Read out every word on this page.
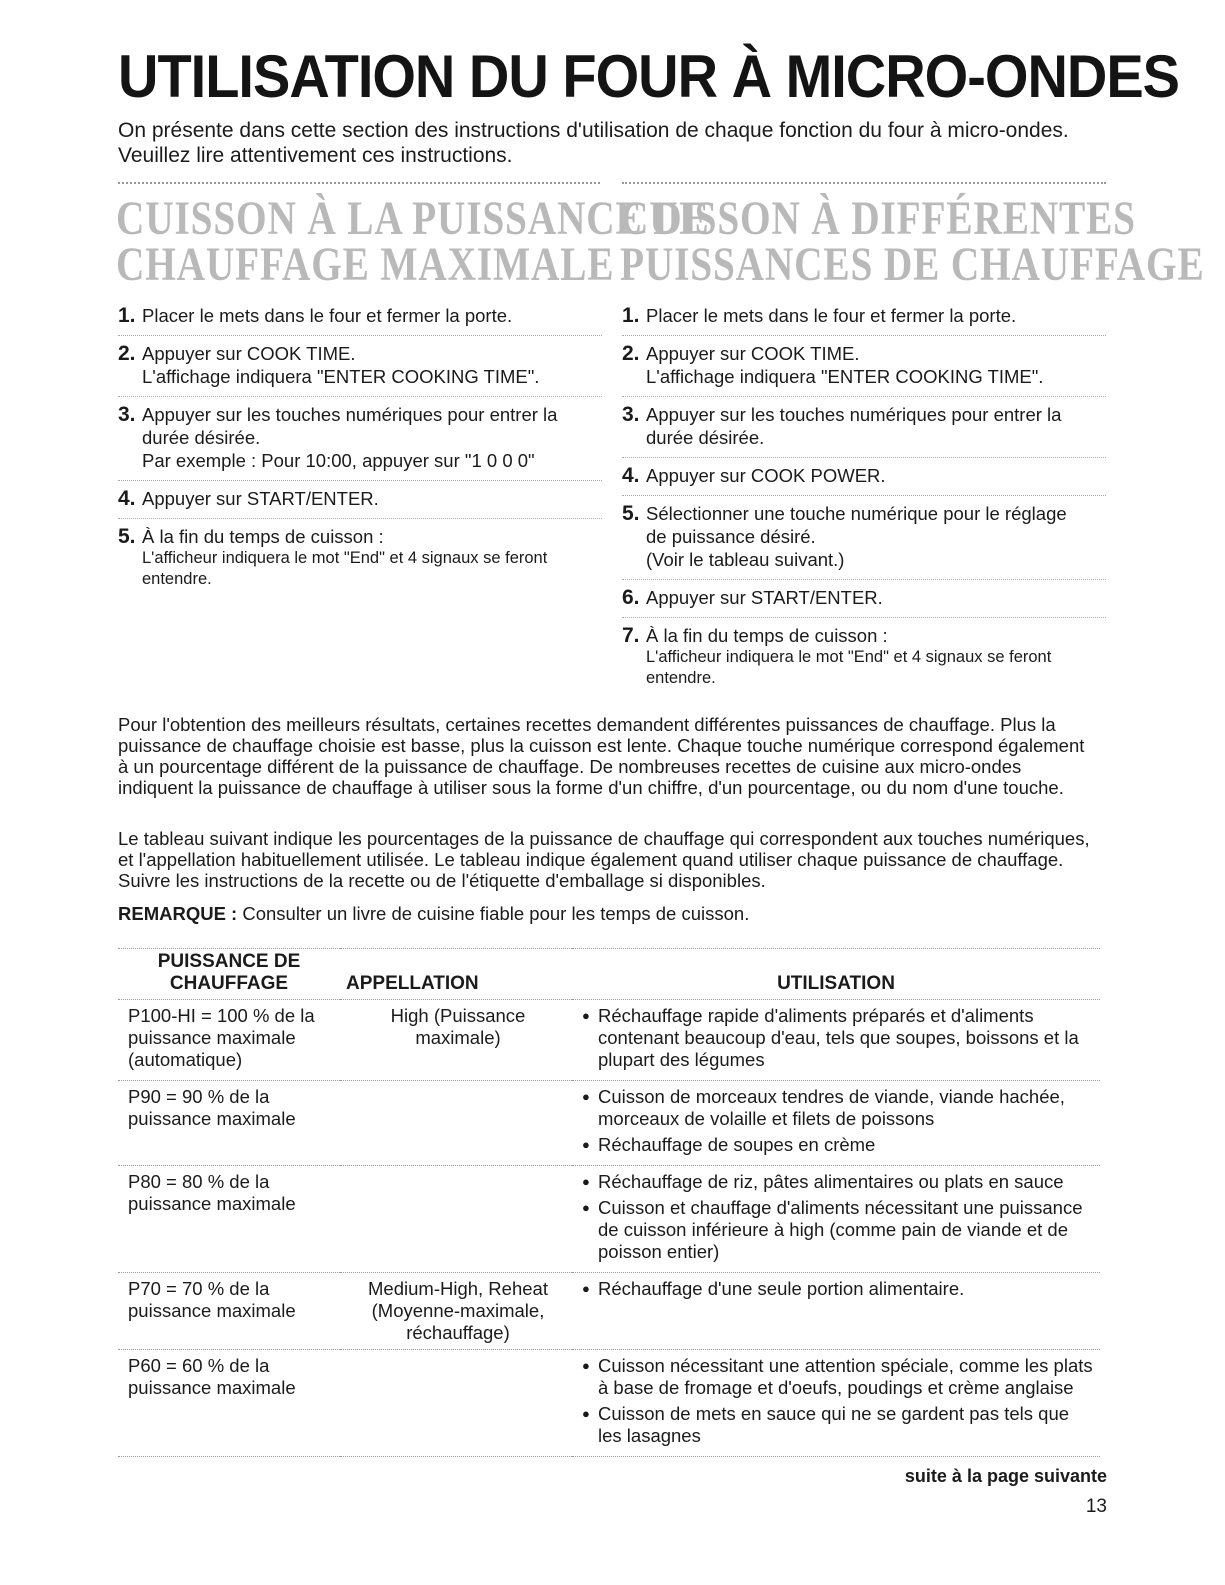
UTILISATION DU FOUR À MICRO-ONDES
On présente dans cette section des instructions d'utilisation de chaque fonction du four à micro-ondes. Veuillez lire attentivement ces instructions.
CUISSON À LA PUISSANCE DE
CHAUFFAGE MAXIMALE
1. Placer le mets dans le four et fermer la porte.
2. Appuyer sur COOK TIME.
L'affichage indiquera "ENTER COOKING TIME".
3. Appuyer sur les touches numériques pour entrer la
durée désirée.
Par exemple : Pour 10:00, appuyer sur "1 0 0 0"
4. Appuyer sur START/ENTER.
5. À la fin du temps de cuisson :
L'afficheur indiquera le mot "End" et 4 signaux se feront entendre.
CUISSON À DIFFÉRENTES
PUISSANCES DE CHAUFFAGE
1. Placer le mets dans le four et fermer la porte.
2. Appuyer sur COOK TIME.
L'affichage indiquera "ENTER COOKING TIME".
3. Appuyer sur les touches numériques pour entrer la
durée désirée.
4. Appuyer sur COOK POWER.
5. Sélectionner une touche numérique pour le réglage
de puissance désiré.
(Voir le tableau suivant.)
6. Appuyer sur START/ENTER.
7. À la fin du temps de cuisson :
L'afficheur indiquera le mot "End" et 4 signaux se feront entendre.
Pour l'obtention des meilleurs résultats, certaines recettes demandent différentes puissances de chauffage. Plus la puissance de chauffage choisie est basse, plus la cuisson est lente. Chaque touche numérique correspond également à un pourcentage différent de la puissance de chauffage. De nombreuses recettes de cuisine aux micro-ondes indiquent la puissance de chauffage à utiliser sous la forme d'un chiffre, d'un pourcentage, ou du nom d'une touche.
Le tableau suivant indique les pourcentages de la puissance de chauffage qui correspondent aux touches numériques, et l'appellation habituellement utilisée. Le tableau indique également quand utiliser chaque puissance de chauffage. Suivre les instructions de la recette ou de l'étiquette d'emballage si disponibles.
REMARQUE : Consulter un livre de cuisine fiable pour les temps de cuisson.
PUISSANCE DE CHAUFFAGE	APPELLATION	UTILISATION
P100-HI = 100 % de la puissance maximale (automatique)	High (Puissance maximale)	● Réchauffage rapide d'aliments préparés et d'aliments contenant beaucoup d'eau, tels que soupes, boissons et la plupart des légumes

P90 = 90 % de la puissance maximale		● Cuisson de morceaux tendres de viande, viande hachée, morceaux de volaille et filets de poissons
● Réchauffage de soupes en crème

P80 = 80 % de la puissance maximale		● Réchauffage de riz, pâtes alimentaires ou plats en sauce
● Cuisson et chauffage d'aliments nécessitant une puissance de cuisson inférieure à high (comme pain de viande et de poisson entier)

P70 = 70 % de la puissance maximale	Medium-High, Reheat (Moyenne-maximale, réchauffage)	● Réchauffage d'une seule portion alimentaire.

P60 = 60 % de la puissance maximale		● Cuisson nécessitant une attention spéciale, comme les plats à base de fromage et d'oeufs, poudings et crème anglaise
● Cuisson de mets en sauce qui ne se gardent pas tels que les lasagnes
suite à la page suivante
13
